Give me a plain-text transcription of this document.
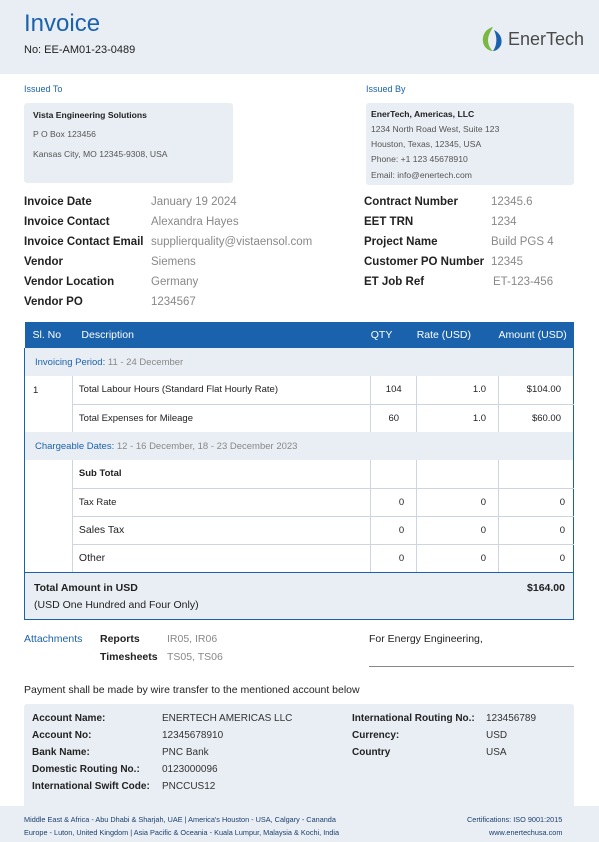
Invoice
No: EE-AM01-23-0489
EnerTech
Issued To
Vista Engineering Solutions
P O Box 123456
Kansas City, MO 12345-9308, USA
Issued By
EnerTech, Americas, LLC
1234 North Road West, Suite 123
Houston, Texas, 12345, USA
Phone: +1 123 45678910
Email: info@enertech.com
Invoice Date	January 19 2024
Invoice Contact	Alexandra Hayes
Invoice Contact Email supplierquality@vistaensol.com
Vendor	Siemens
Vendor Location	Germany
Vendor PO	1234567
Contract Number	12345.6
EET TRN	1234
Project Name	Build PGS 4
Customer PO Number 12345
ET Job Ref	ET-123-456
Sl. No	Description	QTY	Rate (USD)	Amount (USD)
Invoicing Period: 11 - 24 December				
1	Total Labour Hours (Standard Flat Hourly Rate)	104	1.0	$104.00
	Total Expenses for Mileage	60	1.0	$60.00
Chargeable Dates: 12 - 16 December, 18 - 23 December 2023				
	Sub Total			
	Tax Rate	0	0	0
	Sales Tax	0	0	0
	Other	0	0	0

Total Amount in USD
(USD One Hundred and Four Only)				$164.00
Attachments Reports	IR05, IR06
Timesheets TS05, TS06
For Energy Engineering,
Payment shall be made by wire transfer to the mentioned account below
Account Name:	ENERTECH AMERICAS LLC
Account No:	12345678910
Bank Name:	PNC Bank
Domestic Routing No.: 0123000096
International Swift Code: PNCCUS12
International Routing No.: 123456789
Currency:	USD
Country	USA
Middle East & Africa - Abu Dhabi & Sharjah, UAE | America's Houston - USA, Calgary - Cananda
Europe - Luton, United Kingdom | Asia Pacific & Oceania - Kuala Lumpur, Malaysia & Kochi, India
Certifications: ISO 9001:2015
www.enertechusa.com
